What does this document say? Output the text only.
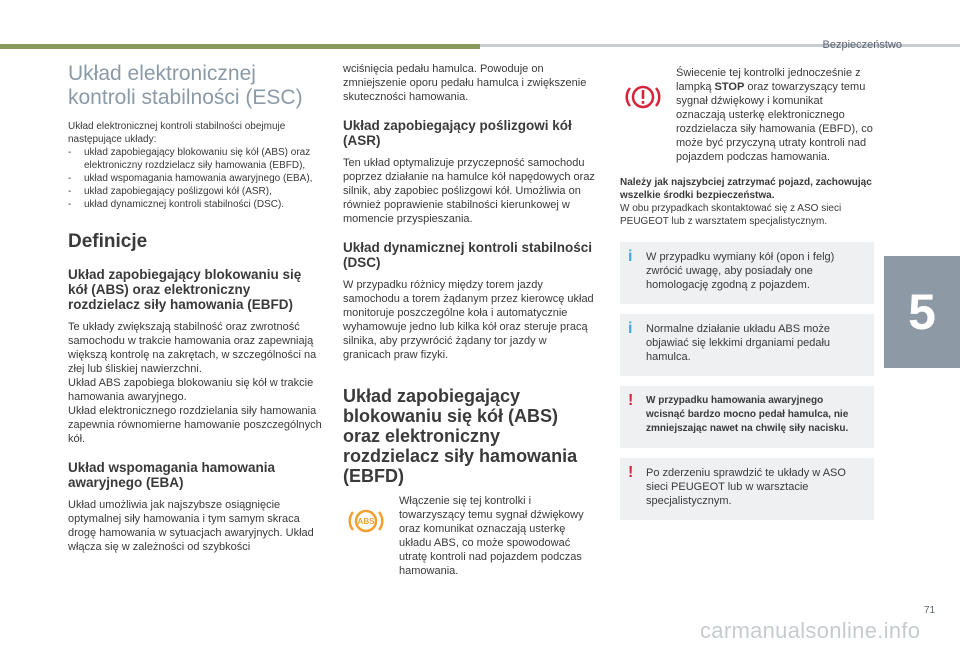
Bezpieczeństwo
5
71
carmanualsonline.info
Układ elektronicznej
kontroli stabilności (ESC)
Układ elektronicznej kontroli stabilności obejmuje następujące układy:
- układ zapobiegający blokowaniu się kół (ABS) oraz elektroniczny rozdzielacz siły hamowania (EBFD),
- układ wspomagania hamowania awaryjnego (EBA),
- układ zapobiegający poślizgowi kół (ASR),
- układ dynamicznej kontroli stabilności (DSC).
Definicje
Układ zapobiegający blokowaniu się kół (ABS) oraz elektroniczny rozdzielacz siły hamowania (EBFD)

Te układy zwiększają stabilność oraz zwrotność samochodu w trakcie hamowania oraz zapewniają większą kontrolę na zakrętach, w szczególności na złej lub śliskiej nawierzchni.

Układ ABS zapobiega blokowaniu się kół w trakcie hamowania awaryjnego.

Układ elektronicznego rozdzielania siły hamowania zapewnia równomierne hamowanie poszczególnych kół.

Układ wspomagania hamowania awaryjnego (EBA)

Układ umożliwia jak najszybsze osiągnięcie optymalnej siły hamowania i tym samym skraca drogę hamowania w sytuacjach awaryjnych. Układ włącza się w zależności od szybkości

wciśnięcia pedału hamulca. Powoduje on zmniejszenie oporu pedału hamulca i zwiększenie skuteczności hamowania.

Układ zapobiegający poślizgowi kół (ASR)

Ten układ optymalizuje przyczepność samochodu poprzez działanie na hamulce kół napędowych oraz silnik, aby zapobiec poślizgowi kół. Umożliwia on również poprawienie stabilności kierunkowej w momencie przyspieszania.

Układ dynamicznej kontroli stabilności (DSC)

W przypadku różnicy między torem jazdy samochodu a torem żądanym przez kierowcę układ monitoruje poszczególne koła i automatycznie wyhamowuje jedno lub kilka kół oraz steruje pracą silnika, aby przywrócić żądany tor jazdy w granicach praw fizyki.

Układ zapobiegający blokowaniu się kół (ABS) oraz elektroniczny rozdzielacz siły hamowania (EBFD)
ABS

Włączenie się tej kontrolki i towarzyszący temu sygnał dźwiękowy oraz komunikat oznaczają usterkę układu ABS, co może spowodować utratę kontroli nad pojazdem podczas hamowania.

Świecenie tej kontrolki jednocześnie z lampką STOP oraz towarzyszący temu sygnał dźwiękowy i komunikat oznaczają usterkę elektronicznego rozdzielacza siły hamowania (EBFD), co może być przyczyną utraty kontroli nad pojazdem podczas hamowania.

Należy jak najszybciej zatrzymać pojazd, zachowując wszelkie środki bezpieczeństwa.
W obu przypadkach skontaktować się z ASO sieci PEUGEOT lub z warsztatem specjalistycznym.
i W przypadku wymiany kół (opon i felg) zwrócić uwagę, aby posiadały one homologację zgodną z pojazdem.
i Normalne działanie układu ABS może objawiać się lekkimi drganiami pedału hamulca.
! W przypadku hamowania awaryjnego wcisnąć bardzo mocno pedał hamulca, nie zmniejszając nawet na chwilę siły nacisku.
! Po zderzeniu sprawdzić te układy w ASO sieci PEUGEOT lub w warsztacie specjalistycznym.
